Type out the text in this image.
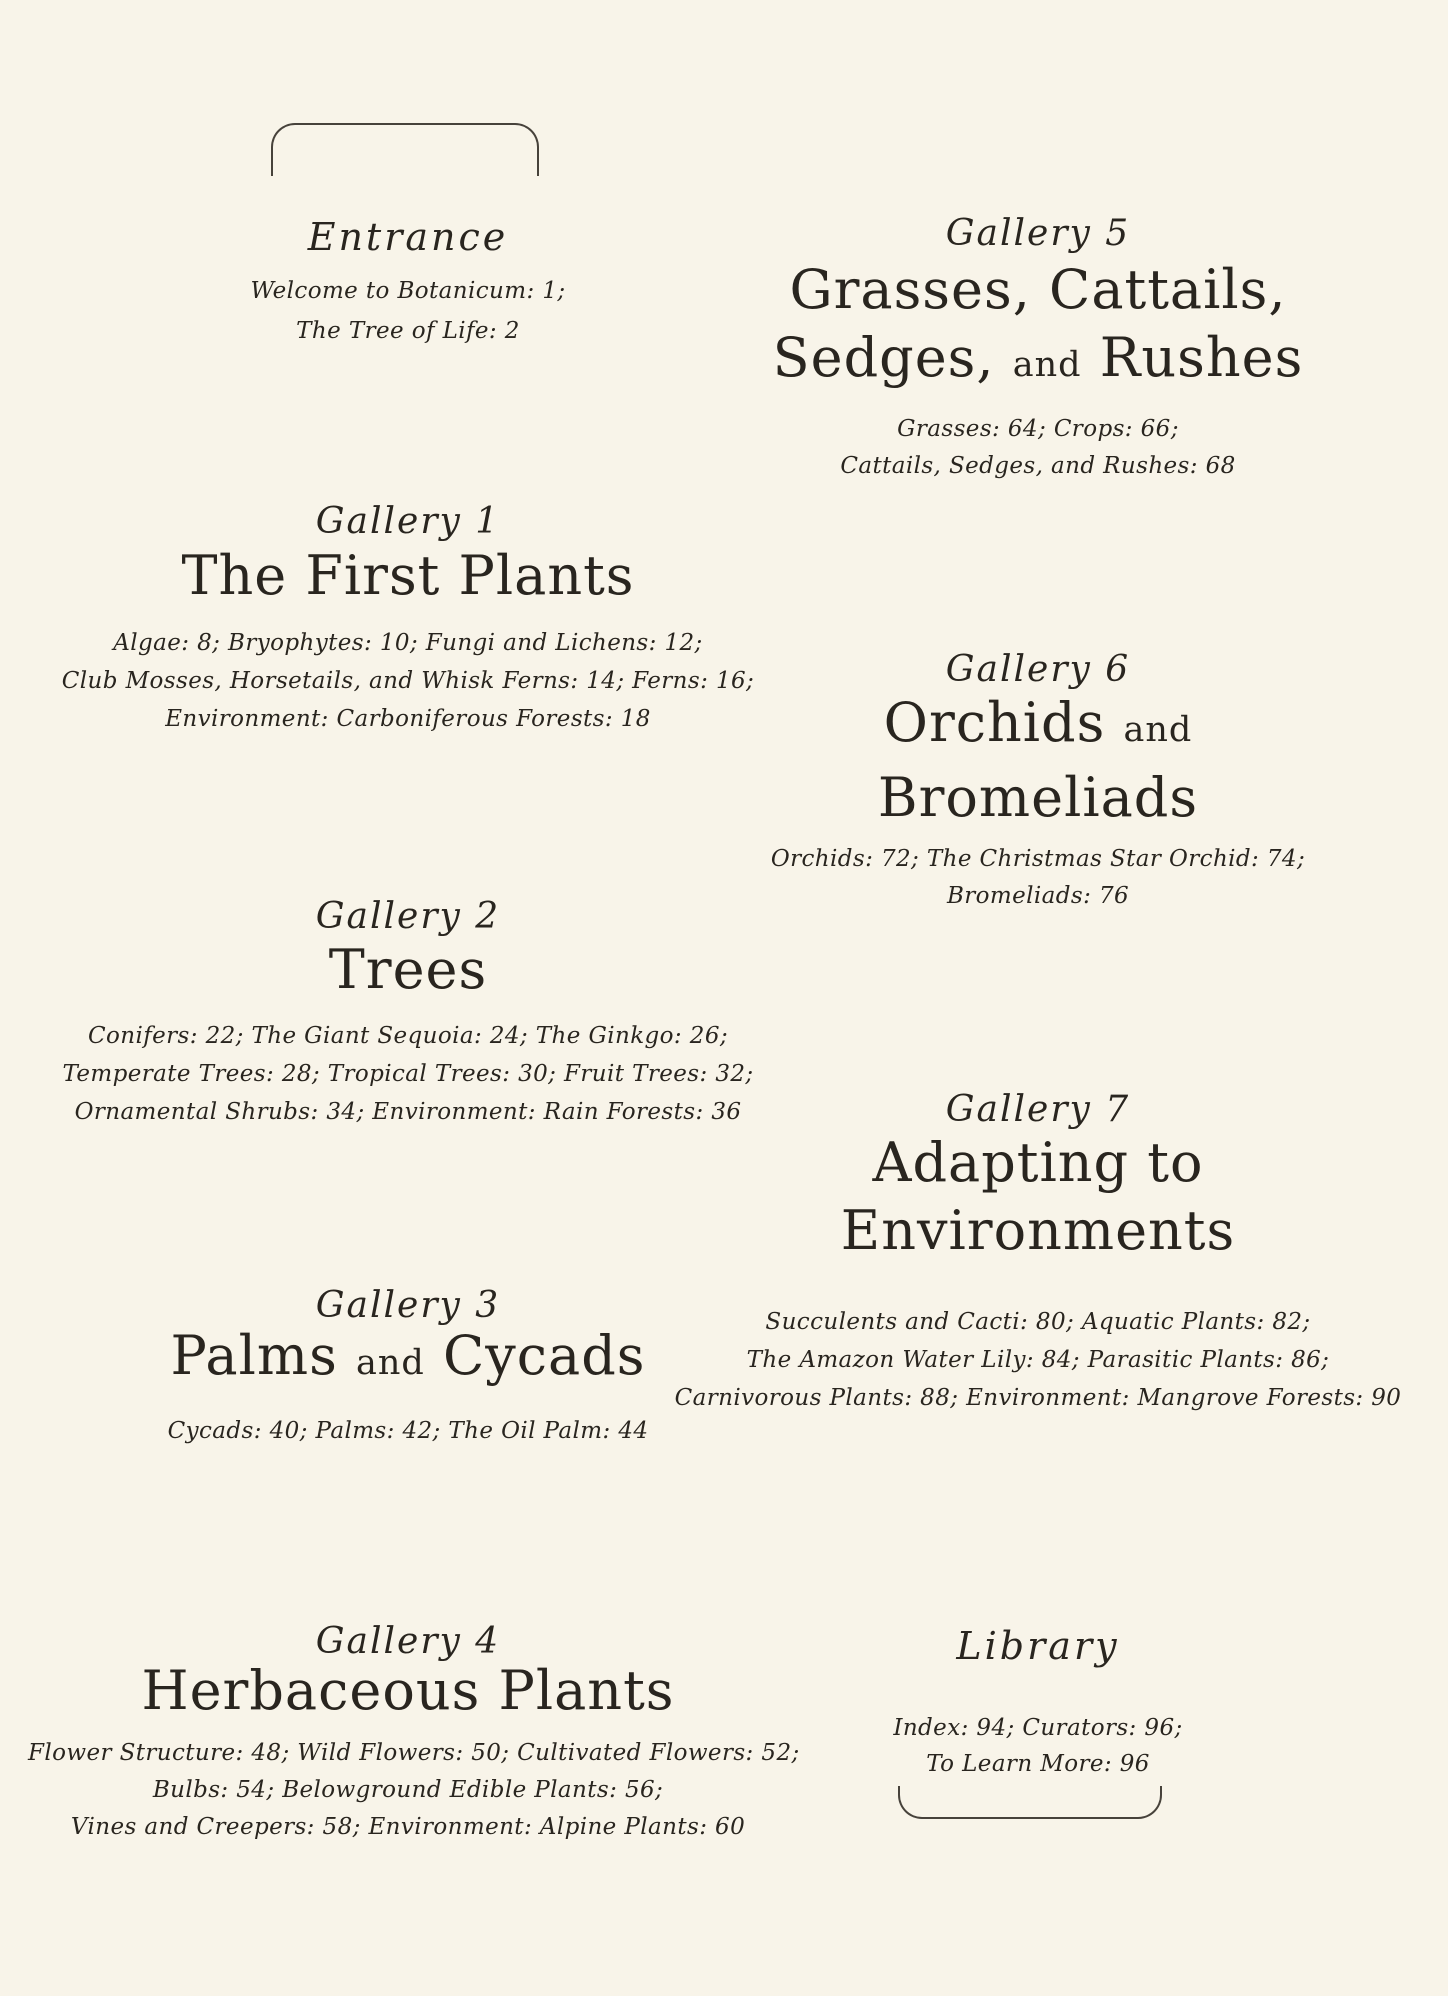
Entrance
Welcome to Botanicum: 1;
The Tree of Life: 2
Gallery 5
Grasses, Cattails,
Sedges, and Rushes
Grasses: 64; Crops: 66;
Cattails, Sedges, and Rushes: 68
Gallery 1
The First Plants
Algae: 8; Bryophytes: 10; Fungi and Lichens: 12;
Club Mosses, Horsetails, and Whisk Ferns: 14; Ferns: 16;
Environment: Carboniferous Forests: 18
Gallery 6
Orchids and
Bromeliads
Orchids: 72; The Christmas Star Orchid: 74;
Bromeliads: 76
Gallery 2
Trees
Conifers: 22; The Giant Sequoia: 24; The Ginkgo: 26;
Temperate Trees: 28; Tropical Trees: 30; Fruit Trees: 32;
Ornamental Shrubs: 34; Environment: Rain Forests: 36	Gallery 7
Adapting to
Environments
Succulents and Cacti: 80; Aquatic Plants: 82;
The Amazon Water Lily: 84; Parasitic Plants: 86;
Carnivorous Plants: 88; Environment: Mangrove Forests: 90
Gallery 3
Palms and Cycads
Cycads: 40; Palms: 42; The Oil Palm: 44
Gallery 4
Herbaceous Plants
Flower Structure: 48; Wild Flowers: 50; Cultivated Flowers: 52;
Bulbs: 54; Belowground Edible Plants: 56;
Vines and Creepers: 58; Environment: Alpine Plants: 60
Library
Index: 94; Curators: 96;
To Learn More: 96
